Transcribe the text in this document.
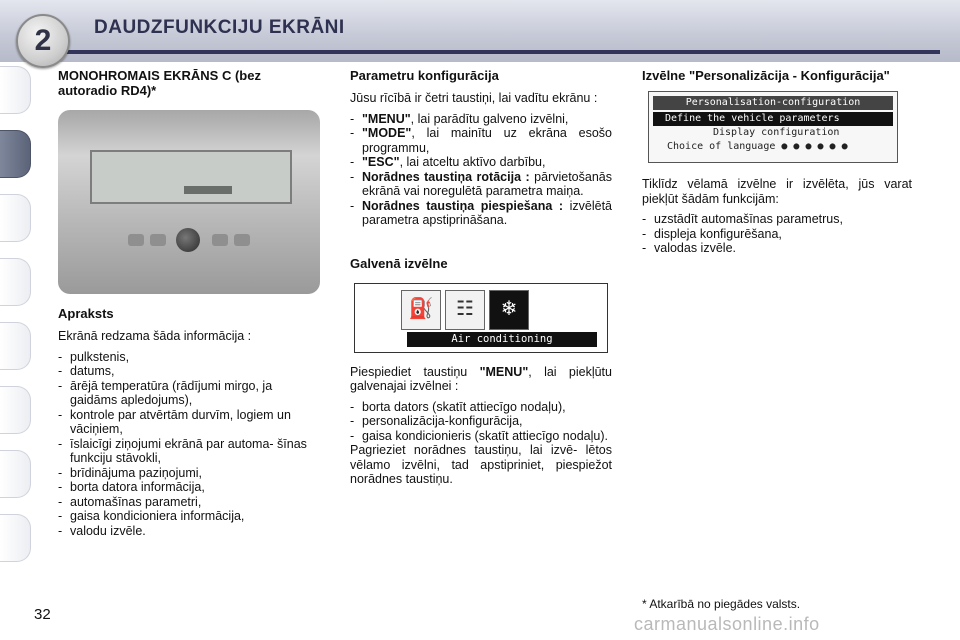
2 DAUDZFUNKCIJU EKRĀNI
MONOHROMAIS EKRĀNS C (bez autoradio RD4)*
Apraksts

Ekrānā redzama šāda informācija :

- pulkstenis,
- datums,
- ārējā temperatūra (rādījumi mirgo, ja gaidāms apledojums),
- kontrole par atvērtām durvīm, logiem un vāciņiem,
- īslaicīgi ziņojumi ekrānā par automa- šīnas funkciju stāvokli,
- brīdinājuma paziņojumi,
- borta datora informācija,
- automašīnas parametri,
- gaisa kondicioniera informācija,
- valodu izvēle.
Parametru konfigurācija

Jūsu rīcībā ir četri taustiņi, lai vadītu ekrānu :

- "MENU", lai parādītu galveno izvēlni,
- "MODE", lai mainītu uz ekrāna esošo programmu,
- "ESC", lai atceltu aktīvo darbību,
- Norādnes taustiņa rotācija : pārvietošanās ekrānā vai noregulētā parametra maiņa.
- Norādnes taustiņa piespiešana : izvēlētā parametra apstiprināšana.
Galvenā izvēlne
⛽	☷	❄
Air conditioning

Piespiediet taustiņu "MENU", lai piekļūtu galvenajai izvēlnei :

- borta dators (skatīt attiecīgo nodaļu),
- personalizācija-konfigurācija,
- gaisa kondicionieris (skatīt attiecīgo nodaļu).

Pagrieziet norādnes taustiņu, lai izvē- lētos vēlamo izvēlni, tad apstipriniet, piespiežot norādnes taustiņu.

Izvēlne "Personalizācija - Konfigurācija"
Personalisation-configuration
Define the vehicle parameters
Display configuration
Choice of language ● ● ● ● ● ●

Tiklīdz vēlamā izvēlne ir izvēlēta, jūs varat piekļūt šādām funkcijām:

- uzstādīt automašīnas parametrus,
- displeja konfigurēšana,
- valodas izvēle.
* Atkarībā no piegādes valsts.
32	carmanualsonline.info
